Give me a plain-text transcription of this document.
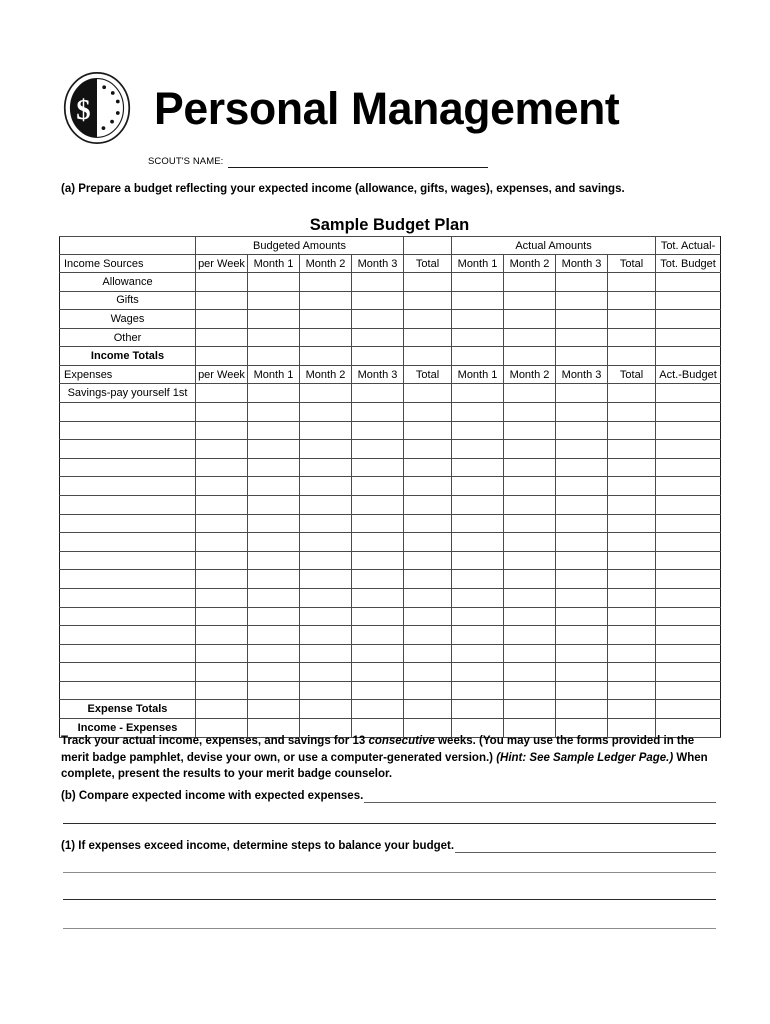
$ Personal Management
SCOUT'S NAME:
(a) Prepare a budget reflecting your expected income (allowance, gifts, wages), expenses, and savings.
Sample Budget Plan
	Budgeted Amounts					Actual Amounts				Tot. Actual-
Income Sources	per Week	Month 1	Month 2	Month 3	Total	Month 1	Month 2	Month 3	Total	Tot. Budget
Allowance										
Gifts										
Wages										
Other										
Income Totals										
Expenses	per Week	Month 1	Month 2	Month 3	Total	Month 1	Month 2	Month 3	Total	Act.-Budget
Savings-pay yourself 1st										

Expense Totals										
Income - Expenses										
Track your actual income, expenses, and savings for 13 consecutive weeks. (You may use the forms provided in the merit badge pamphlet, devise your own, or use a computer-generated version.) (Hint: See Sample Ledger Page.) When complete, present the results to your merit badge counselor.
(b) Compare expected income with expected expenses.
(1) If expenses exceed income, determine steps to balance your budget.
